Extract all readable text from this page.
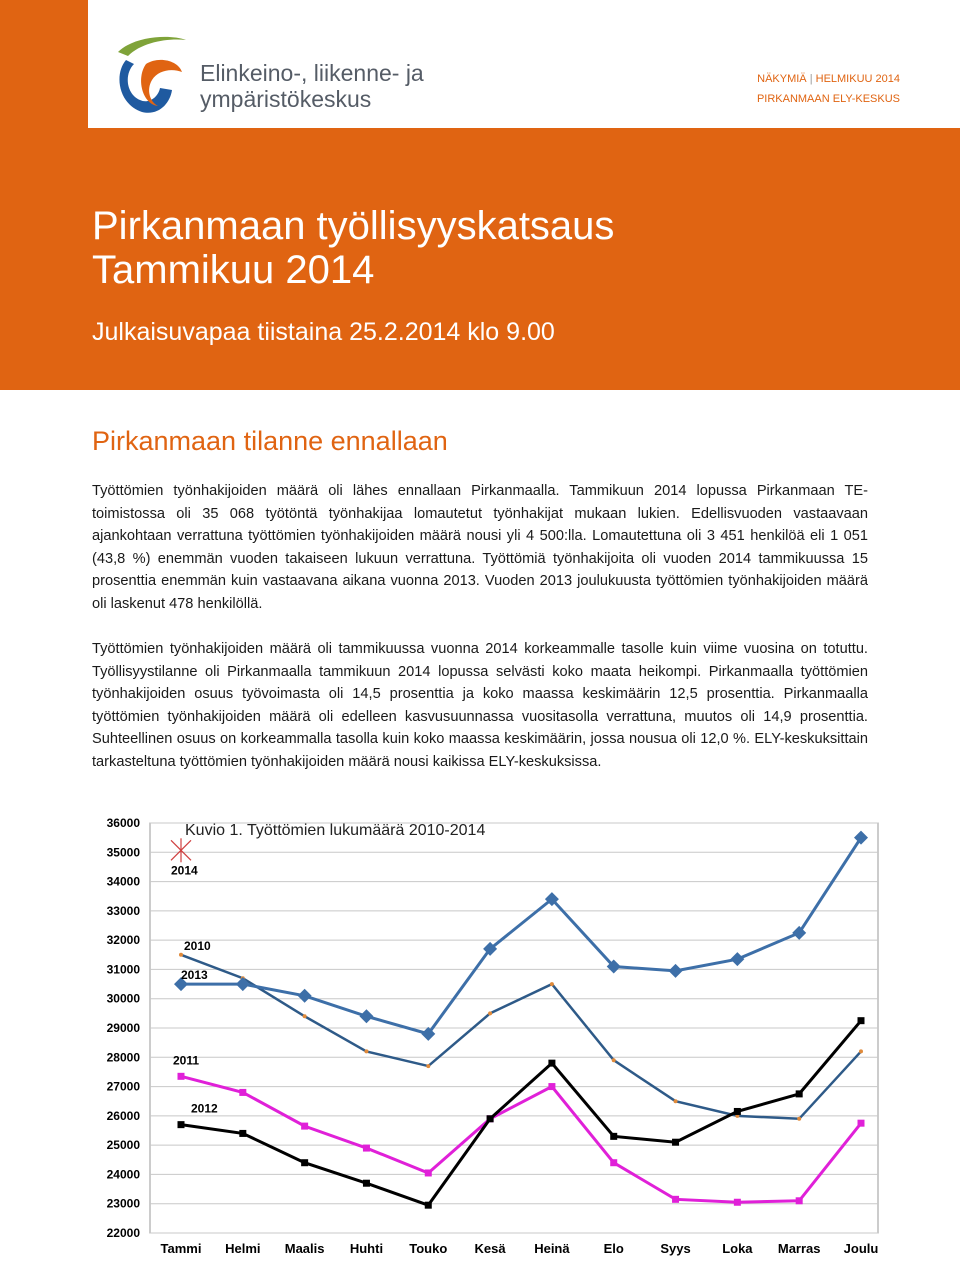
Elinkeino-, liikenne- ja
ympäristökeskus
NÄKYMIÄ | HELMIKUU 2014
PIRKANMAAN ELY-KESKUS
Pirkanmaan työllisyyskatsaus
Tammikuu 2014
Julkaisuvapaa tiistaina 25.2.2014 klo 9.00
Pirkanmaan tilanne ennallaan
Työttömien työnhakijoiden määrä oli lähes ennallaan Pirkanmaalla. Tammikuun 2014 lopussa Pirkanmaan TE-toimistossa oli 35 068 työtöntä työnhakijaa lomautetut työnhakijat mukaan lukien. Edellisvuoden vastaavaan ajankohtaan verrattuna työttömien työnhakijoiden määrä nousi yli 4 500:lla. Lomautettuna oli 3 451 henkilöä eli 1 051 (43,8 %) enemmän vuoden takaiseen lukuun verrattuna. Työttömiä työnhakijoita oli vuoden 2014 tammikuussa 15 prosenttia enemmän kuin vastaavana aikana vuonna 2013. Vuoden 2013 joulukuusta työttömien työnhakijoiden määrä oli laskenut 478 henkilöllä.
Työttömien työnhakijoiden määrä oli tammikuussa vuonna 2014 korkeammalle tasolle kuin viime vuosina on totuttu. Työllisyystilanne oli Pirkanmaalla tammikuun 2014 lopussa selvästi koko maata heikompi. Pirkanmaalla työttömien työnhakijoiden osuus työvoimasta oli 14,5 prosenttia ja koko maassa keskimäärin 12,5 prosenttia. Pirkanmaalla työttömien työnhakijoiden määrä oli edelleen kasvusuunnassa vuositasolla verrattuna, muutos oli 14,9 prosenttia. Suhteellinen osuus on korkeammalla tasolla kuin koko maassa keskimäärin, jossa nousua oli 12,0 %. ELY-keskuksittain tarkasteltuna työttömien työnhakijoiden määrä nousi kaikissa ELY-keskuksissa.
22000
23000
24000
25000
26000
27000
28000
29000
30000
31000
32000
33000
34000
35000
36000
Tammi Helmi Maalis Huhti Touko Kesä Heinä	Elo	Syys Loka Marras Joulu
Kuvio 1. Työttömien lukumäärä 2010-2014
2014
2010
2013
2011
2012
